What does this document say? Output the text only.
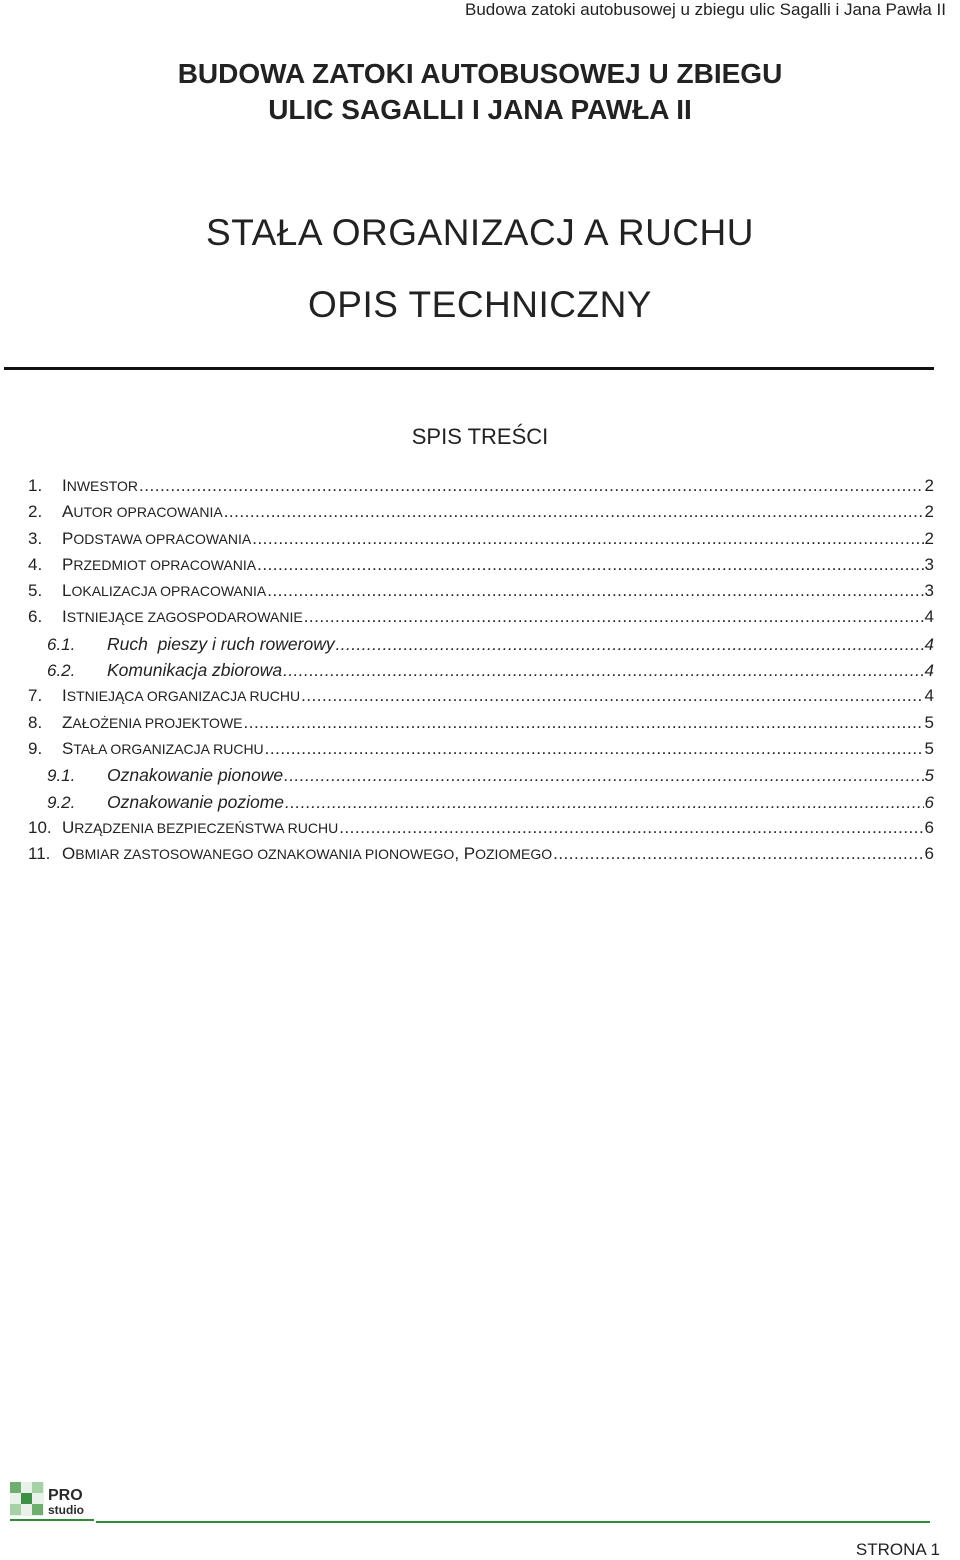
Budowa zatoki autobusowej u zbiegu ulic Sagalli i Jana Pawła II
BUDOWA ZATOKI AUTOBUSOWEJ U ZBIEGU
ULIC SAGALLI I JANA PAWŁA II
STAŁA ORGANIZACJ A RUCHU
OPIS TECHNICZNY
SPIS TREŚCI
1.	INWESTOR .....	2
2.	AUTOR OPRACOWANIA .....	2
3.	PODSTAWA OPRACOWANIA .....	2
4.	PRZEDMIOT OPRACOWANIA .....	3
5.	LOKALIZACJA OPRACOWANIA .....	3
6.	ISTNIEJĄCE ZAGOSPODAROWANIE .....	4
6.1.	Ruch  pieszy i ruch rowerowy .....	4
6.2.	Komunikacja zbiorowa .....	4
7.	ISTNIEJĄCA ORGANIZACJA RUCHU .....	4
8.	ZAŁOŻENIA PROJEKTOWE .....	5
9.	STAŁA ORGANIZACJA RUCHU .....	5
9.1.	Oznakowanie pionowe .....	5
9.2.	Oznakowanie poziome .....	6
10. URZĄDZENIA BEZPIECZEŃSTWA RUCHU .....	6
11. OBMIAR ZASTOSOWANEGO OZNAKOWANIA PIONOWEGO, POZIOMEGO .....	6
PRO
studio
STRONA 1
